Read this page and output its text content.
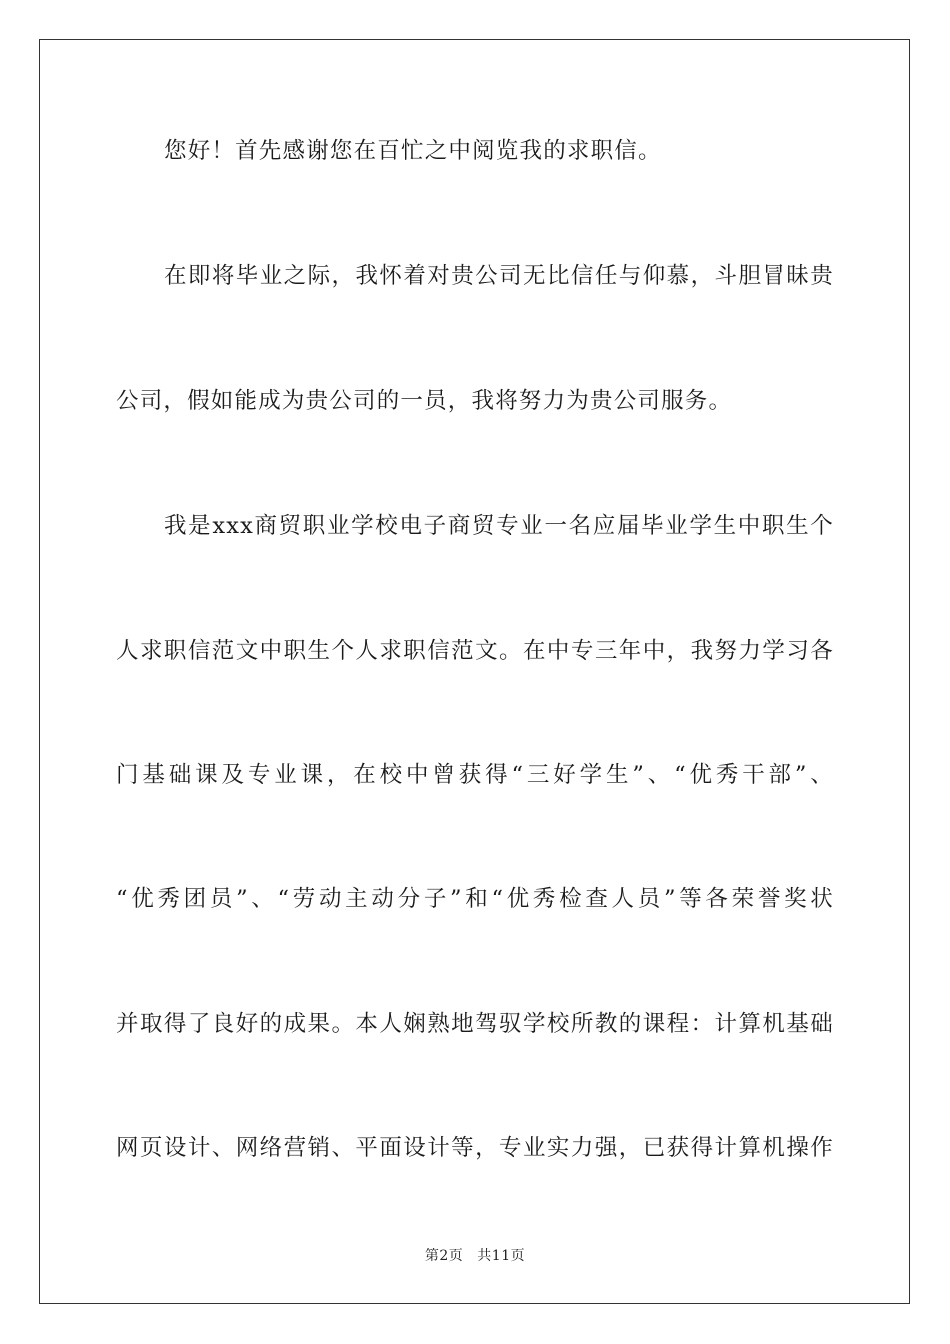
您好！首先感谢您在百忙之中阅览我的求职信。
在即将毕业之际，我怀着对贵公司无比信任与仰慕，斗胆冒昧贵
公司，假如能成为贵公司的一员，我将努力为贵公司服务。
我是xxx商贸职业学校电子商贸专业一名应届毕业学生中职生个
人求职信范文中职生个人求职信范文。在中专三年中，我努力学习各
门基础课及专业课，在校中曾获得“三好学生”、“优秀干部”、
“优秀团员”、“劳动主动分子”和“优秀检查人员”等各荣誉奖状
并取得了良好的成果。本人娴熟地驾驭学校所教的课程：计算机基础
网页设计、网络营销、平面设计等，专业实力强，已获得计算机操作
第2页 共11页
